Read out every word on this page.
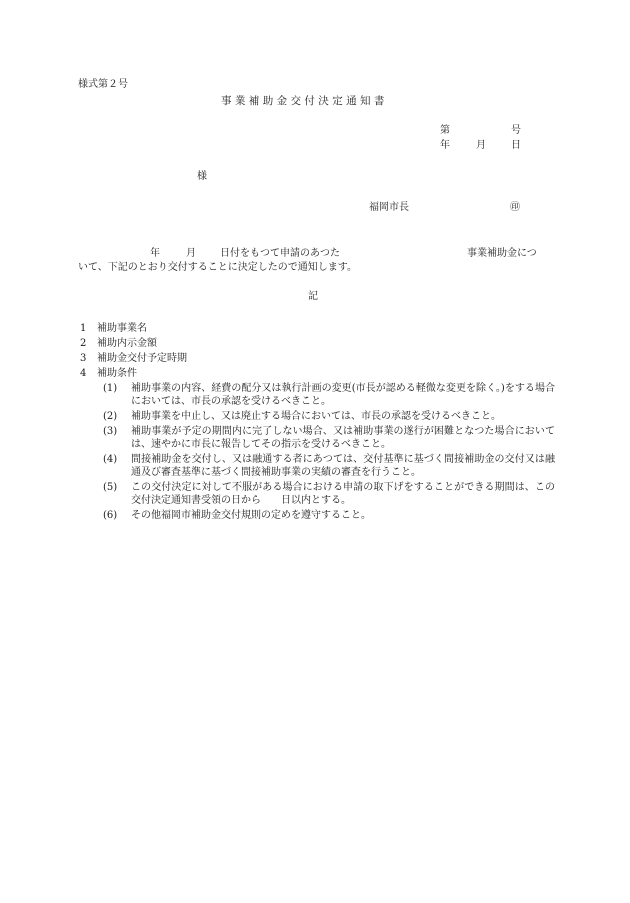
様式第２号
事業補助金交付決定通知書
第	号
年	月	日
様
福岡市長	㊞
年	月 日付をもつて申請のあつた	事業補助金につ
いて、下記のとおり交付することに決定したので通知します。
記
1	補助事業名
2	補助内示金額
3	補助金交付予定時期
4	補助条件
(1)	補助事業の内容、経費の配分又は執行計画の変更(市長が認める軽微な変更を除く。)をする場合においては、市長の承認を受けるべきこと。
(2)	補助事業を中止し、又は廃止する場合においては、市長の承認を受けるべきこと。
(3)	補助事業が予定の期間内に完了しない場合、又は補助事業の遂行が困難となつた場合においては、速やかに市長に報告してその指示を受けるべきこと。
(4)	間接補助金を交付し、又は融通する者にあつては、交付基準に基づく間接補助金の交付又は融通及び審査基準に基づく間接補助事業の実績の審査を行うこと。
(5)	この交付決定に対して不服がある場合における申請の取下げをすることができる期間は、この交付決定通知書受領の日から　　日以内とする。
(6)	その他福岡市補助金交付規則の定めを遵守すること。
